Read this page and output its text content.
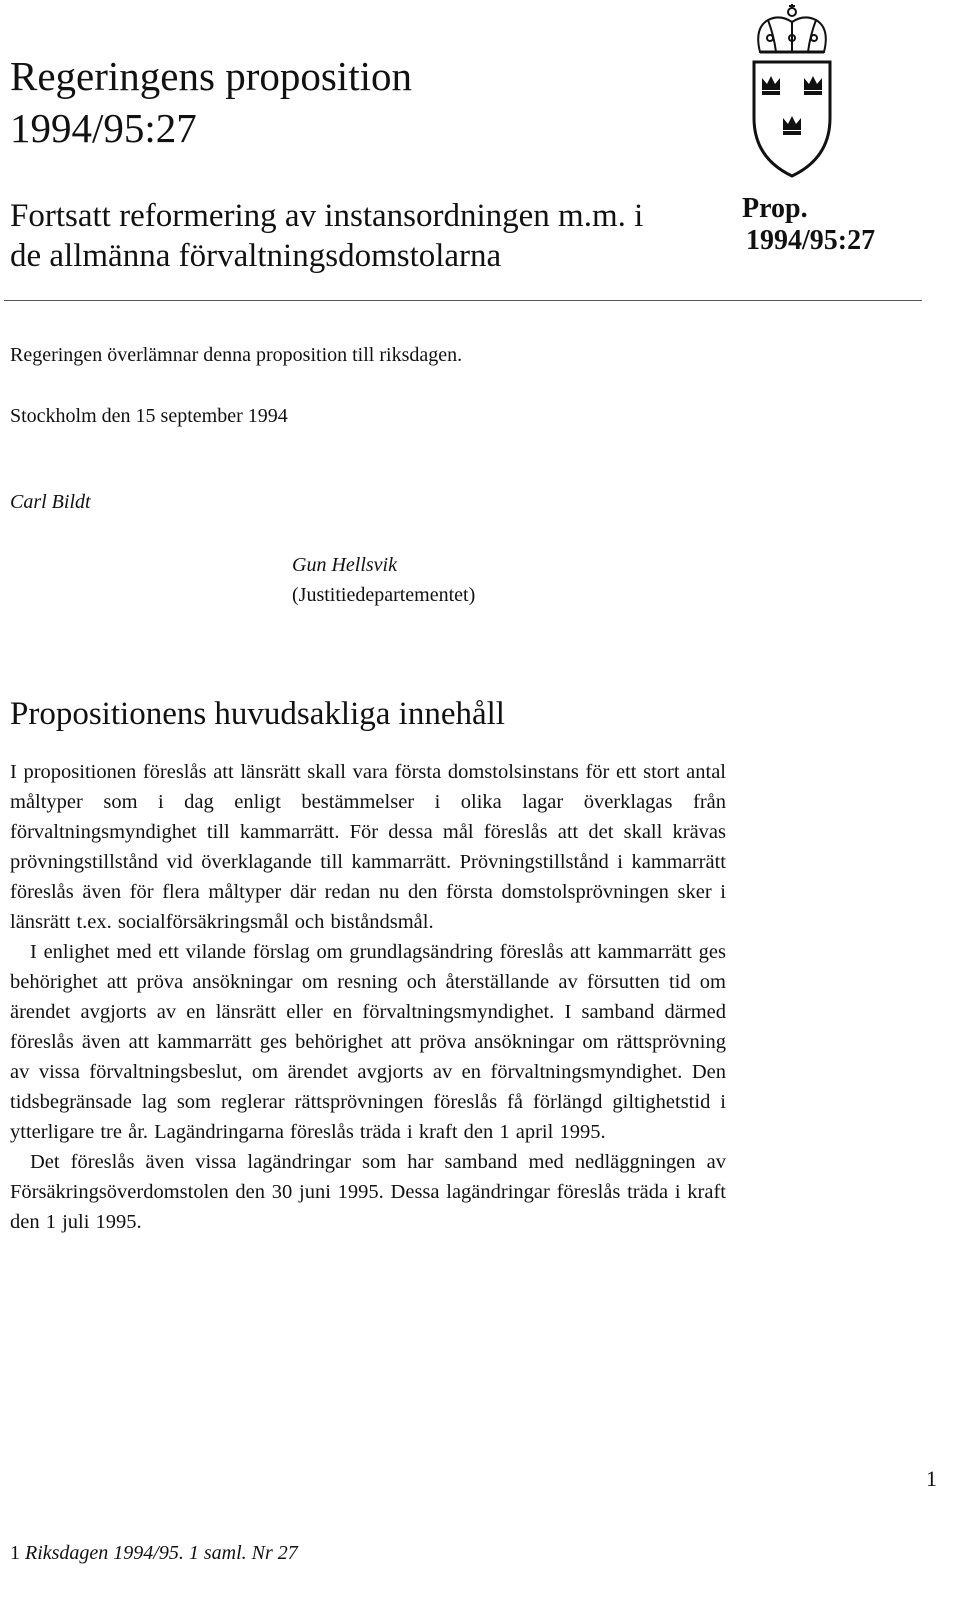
Regeringens proposition
1994/95:27
Fortsatt reformering av instansordningen m.m. i
de allmänna förvaltningsdomstolarna
Prop.
1994/95:27
Regeringen överlämnar denna proposition till riksdagen.
Stockholm den 15 september 1994
Carl Bildt
Gun Hellsvik
(Justitiedepartementet)
Propositionens huvudsakliga innehåll

I propositionen föreslås att länsrätt skall vara första domstolsinstans för ett stort antal måltyper som i dag enligt bestämmelser i olika lagar överklagas från förvaltningsmyndighet till kammarrätt. För dessa mål föreslås att det skall krävas prövningstillstånd vid överklagande till kammarrätt. Prövningstillstånd i kammarrätt föreslås även för flera måltyper där redan nu den första domstolsprövningen sker i länsrätt t.ex. socialförsäkringsmål och biståndsmål.

I enlighet med ett vilande förslag om grundlagsändring föreslås att kammarrätt ges behörighet att pröva ansökningar om resning och återställande av försutten tid om ärendet avgjorts av en länsrätt eller en förvaltningsmyndighet. I samband därmed föreslås även att kammarrätt ges behörighet att pröva ansökningar om rättsprövning av vissa förvaltningsbeslut, om ärendet avgjorts av en förvaltningsmyndighet. Den tidsbegränsade lag som reglerar rättsprövningen föreslås få förlängd giltighetstid i ytterligare tre år. Lagändringarna föreslås träda i kraft den 1 april 1995.

Det föreslås även vissa lagändringar som har samband med nedläggningen av Försäkringsöverdomstolen den 30 juni 1995. Dessa lagändringar föreslås träda i kraft den 1 juli 1995.

1
1 Riksdagen 1994/95. 1 saml. Nr 27
